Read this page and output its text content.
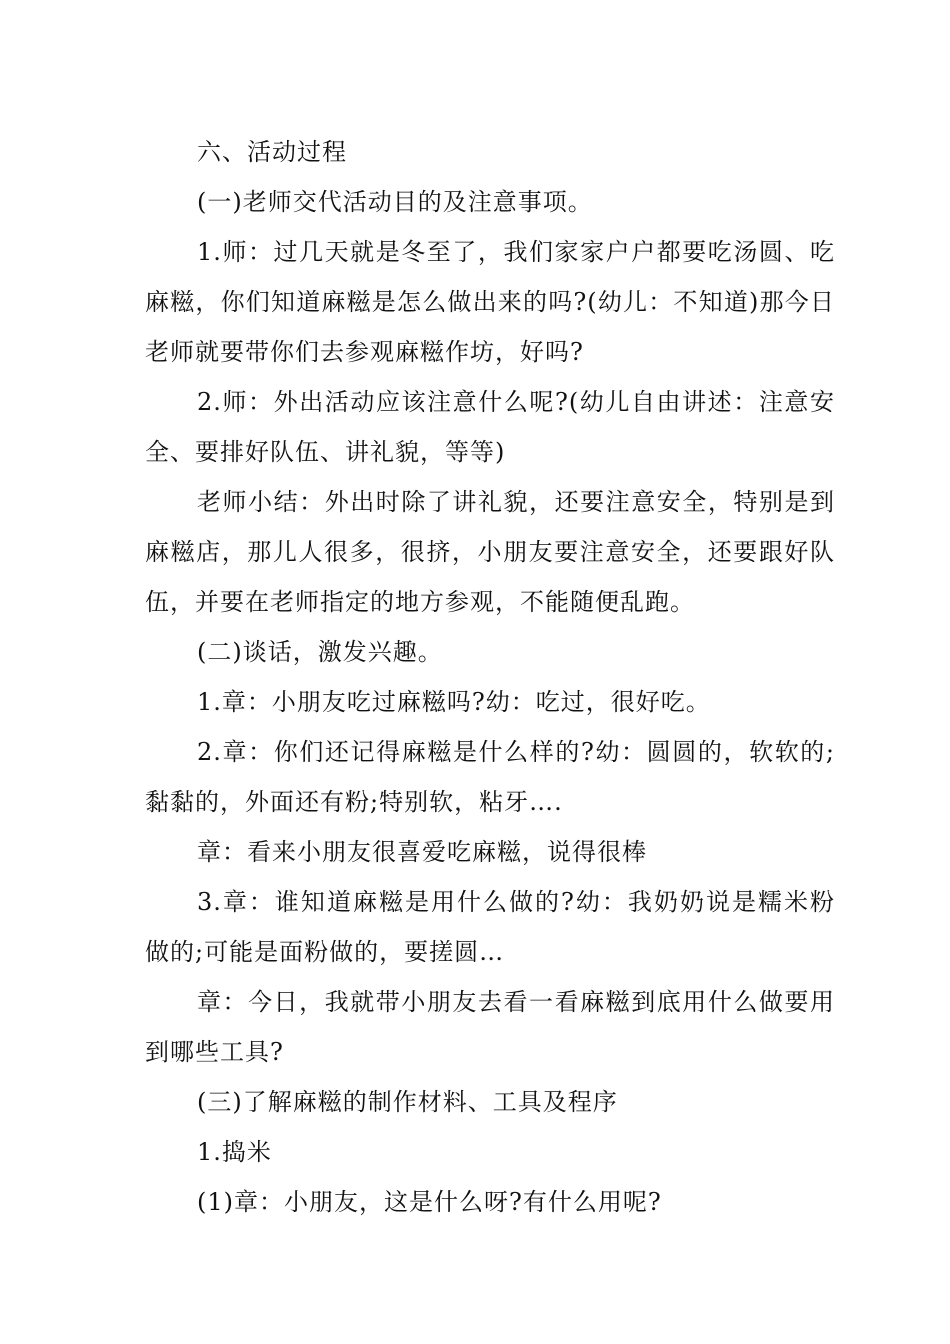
六、活动过程

(一)老师交代活动目的及注意事项。

1.师：过几天就是冬至了，我们家家户户都要吃汤圆、吃麻糍，你们知道麻糍是怎么做出来的吗?(幼儿：不知道)那今日老师就要带你们去参观麻糍作坊，好吗?

2.师：外出活动应该注意什么呢?(幼儿自由讲述：注意安全、要排好队伍、讲礼貌，等等)

老师小结：外出时除了讲礼貌，还要注意安全，特别是到麻糍店，那儿人很多，很挤，小朋友要注意安全，还要跟好队伍，并要在老师指定的地方参观，不能随便乱跑。

(二)谈话，激发兴趣。

1.章：小朋友吃过麻糍吗?幼：吃过，很好吃。

2.章：你们还记得麻糍是什么样的?幼：圆圆的，软软的;黏黏的，外面还有粉;特别软，粘牙….

章：看来小朋友很喜爱吃麻糍，说得很棒

3.章：谁知道麻糍是用什么做的?幼：我奶奶说是糯米粉做的;可能是面粉做的，要搓圆…

章：今日，我就带小朋友去看一看麻糍到底用什么做要用到哪些工具?

(三)了解麻糍的制作材料、工具及程序

1.捣米

(1)章：小朋友，这是什么呀?有什么用呢?
